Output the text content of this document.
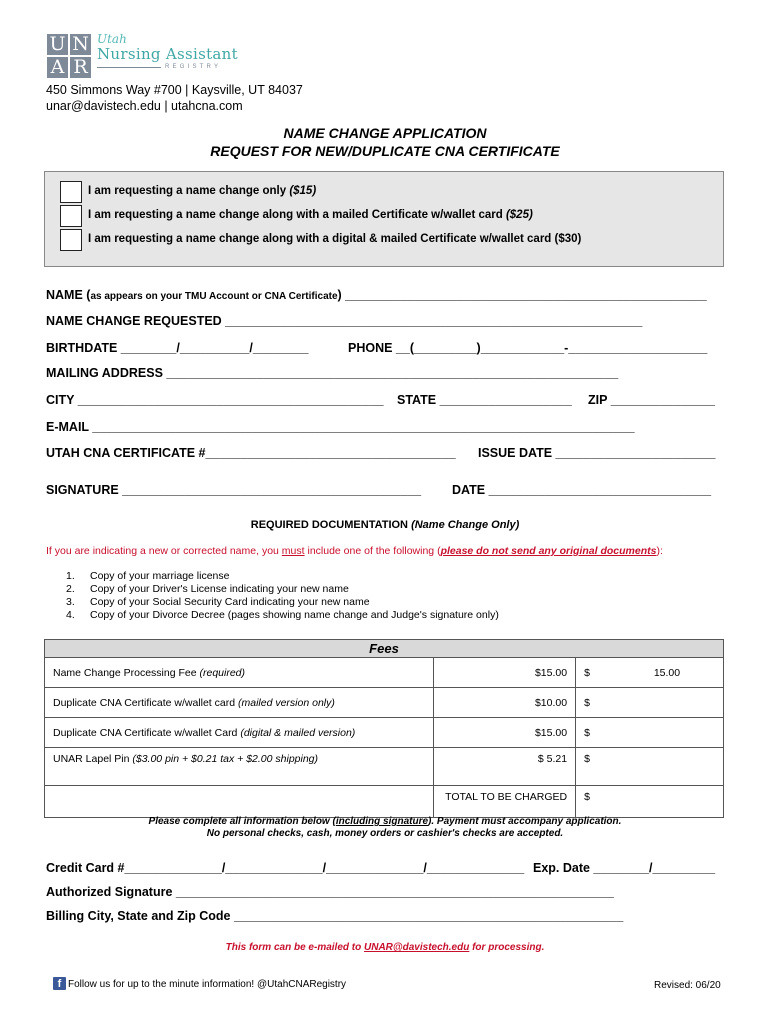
U N
A R
Utah
Nursing Assistant
REGISTRY
450 Simmons Way #700 | Kaysville, UT 84037
unar@davistech.edu | utahcna.com
NAME CHANGE APPLICATION
REQUEST FOR NEW/DUPLICATE CNA CERTIFICATE
I am requesting a name change only ($15)
I am requesting a name change along with a mailed Certificate w/wallet card ($25)
I am requesting a name change along with a digital & mailed Certificate w/wallet card ($30)
NAME (as appears on your TMU Account or CNA Certificate) ____________________________________________________
NAME CHANGE REQUESTED ____________________________________________________________
BIRTHDATE ________/__________/________	PHONE __(_________)____________-____________________
MAILING ADDRESS _________________________________________________________________
CITY ____________________________________________ STATE ___________________ ZIP _______________
E-MAIL ______________________________________________________________________________
UTAH CNA CERTIFICATE #____________________________________ ISSUE DATE _______________________
SIGNATURE ___________________________________________ DATE ________________________________
REQUIRED DOCUMENTATION (Name Change Only)
If you are indicating a new or corrected name, you must include one of the following (please do not send any original documents):
1. Copy of your marriage license
2. Copy of your Driver's License indicating your new name
3. Copy of your Social Security Card indicating your new name
4. Copy of your Divorce Decree (pages showing name change and Judge's signature only)
Fees		
Name Change Processing Fee (required)	$15.00	$ 15.00
Duplicate CNA Certificate w/wallet card (mailed version only)	$10.00	$
Duplicate CNA Certificate w/wallet Card (digital & mailed version)	$15.00	$
UNAR Lapel Pin ($3.00 pin + $0.21 tax + $2.00 shipping)	$ 5.21	$
	TOTAL TO BE CHARGED	$
Please complete all information below (including signature). Payment must accompany application.
No personal checks, cash, money orders or cashier's checks are accepted.
Credit Card #______________/______________/______________/______________ Exp. Date ________/_________
Authorized Signature _______________________________________________________________
Billing City, State and Zip Code ________________________________________________________
This form can be e-mailed to UNAR@davistech.edu for processing.
f Follow us for up to the minute information! @UtahCNARegistry	Revised: 06/20
